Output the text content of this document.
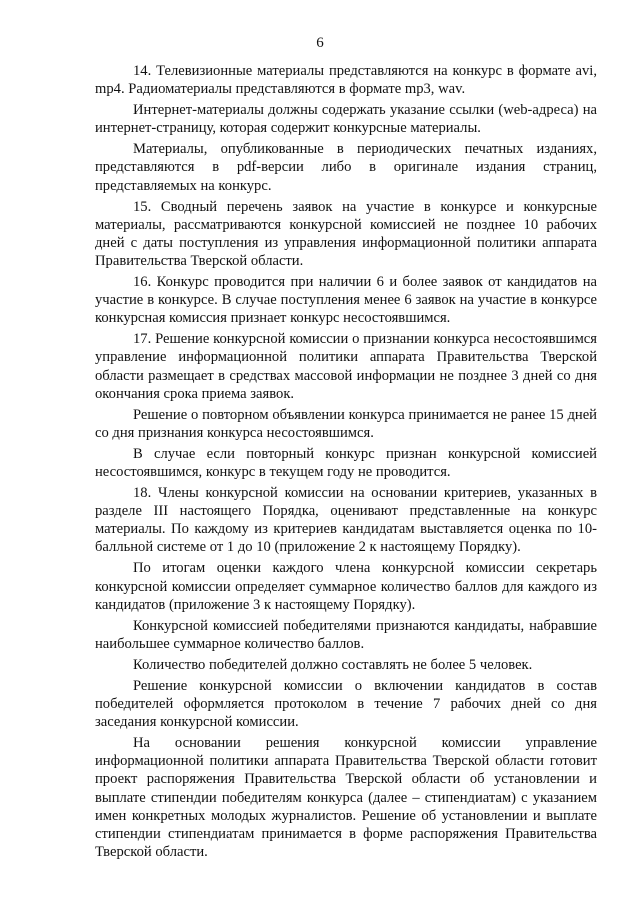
6

14. Телевизионные материалы представляются на конкурс в формате avi, mp4. Радиоматериалы представляются в формате mp3, wav.

Интернет-материалы должны содержать указание ссылки (web-адреса) на интернет-страницу, которая содержит конкурсные материалы.

Материалы, опубликованные в периодических печатных изданиях, представляются в pdf-версии либо в оригинале издания страниц, представляемых на конкурс.

15. Сводный перечень заявок на участие в конкурсе и конкурсные материалы, рассматриваются конкурсной комиссией не позднее 10 рабочих дней с даты поступления из управления информационной политики аппарата Правительства Тверской области.

16. Конкурс проводится при наличии 6 и более заявок от кандидатов на участие в конкурсе. В случае поступления менее 6 заявок на участие в конкурсе конкурсная комиссия признает конкурс несостоявшимся.

17. Решение конкурсной комиссии о признании конкурса несостоявшимся управление информационной политики аппарата Правительства Тверской области размещает в средствах массовой информации не позднее 3 дней со дня окончания срока приема заявок.

Решение о повторном объявлении конкурса принимается не ранее 15 дней со дня признания конкурса несостоявшимся.

В случае если повторный конкурс признан конкурсной комиссией несостоявшимся, конкурс в текущем году не проводится.

18. Члены конкурсной комиссии на основании критериев, указанных в разделе III настоящего Порядка, оценивают представленные на конкурс материалы. По каждому из критериев кандидатам выставляется оценка по 10-балльной системе от 1 до 10 (приложение 2 к настоящему Порядку).

По итогам оценки каждого члена конкурсной комиссии секретарь конкурсной комиссии определяет суммарное количество баллов для каждого из кандидатов (приложение 3 к настоящему Порядку).

Конкурсной комиссией победителями признаются кандидаты, набравшие наибольшее суммарное количество баллов.

Количество победителей должно составлять не более 5 человек.

Решение конкурсной комиссии о включении кандидатов в состав победителей оформляется протоколом в течение 7 рабочих дней со дня заседания конкурсной комиссии.

На основании решения конкурсной комиссии управление информационной политики аппарата Правительства Тверской области готовит проект распоряжения Правительства Тверской области об установлении и выплате стипендии победителям конкурса (далее – стипендиатам) с указанием имен конкретных молодых журналистов. Решение об установлении и выплате стипендии стипендиатам принимается в форме распоряжения Правительства Тверской области.
